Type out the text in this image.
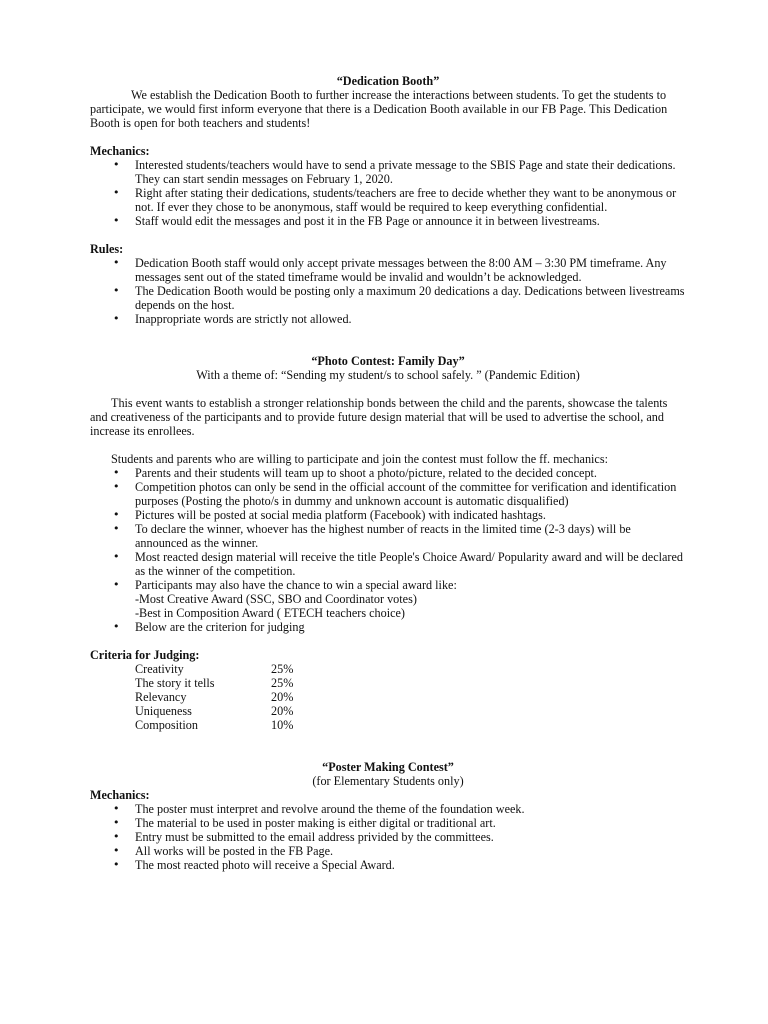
“Dedication Booth”
We establish the Dedication Booth to further increase the interactions between students. To get the students to participate, we would first inform everyone that there is a Dedication Booth available in our FB Page. This Dedication Booth is open for both teachers and students!
Mechanics:
• Interested students/teachers would have to send a private message to the SBIS Page and state their dedications. They can start sendin messages on February 1, 2020.
• Right after stating their dedications, students/teachers are free to decide whether they want to be anonymous or not. If ever they chose to be anonymous, staff would be required to keep everything confidential.
• Staff would edit the messages and post it in the FB Page or announce it in between livestreams.
Rules:
• Dedication Booth staff would only accept private messages between the 8:00 AM – 3:30 PM timeframe. Any messages sent out of the stated timeframe would be invalid and wouldn’t be acknowledged.
• The Dedication Booth would be posting only a maximum 20 dedications a day. Dedications between livestreams depends on the host.
• Inappropriate words are strictly not allowed.
“Photo Contest: Family Day”
With a theme of: “Sending my student/s to school safely. ” (Pandemic Edition)
This event wants to establish a stronger relationship bonds between the child and the parents, showcase the talents and creativeness of the participants and to provide future design material that will be used to advertise the school, and increase its enrollees.
Students and parents who are willing to participate and join the contest must follow the ff. mechanics:
• Parents and their students will team up to shoot a photo/picture, related to the decided concept.
• Competition photos can only be send in the official account of the committee for verification and identification purposes (Posting the photo/s in dummy and unknown account is automatic disqualified)
• Pictures will be posted at social media platform (Facebook) with indicated hashtags.
• To declare the winner, whoever has the highest number of reacts in the limited time (2-3 days) will be announced as the winner.
• Most reacted design material will receive the title People's Choice Award/ Popularity award and will be declared as the winner of the competition.
• Participants may also have the chance to win a special award like:
-Most Creative Award (SSC, SBO and Coordinator votes)
-Best in Composition Award ( ETECH teachers choice)
• Below are the criterion for judging
Criteria for Judging:
Creativity	25%
The story it tells	25%
Relevancy	20%
Uniqueness	20%
Composition	10%
“Poster Making Contest”
(for Elementary Students only)
Mechanics:
• The poster must interpret and revolve around the theme of the foundation week.
• The material to be used in poster making is either digital or traditional art.
• Entry must be submitted to the email address privided by the committees.
• All works will be posted in the FB Page.
• The most reacted photo will receive a Special Award.
